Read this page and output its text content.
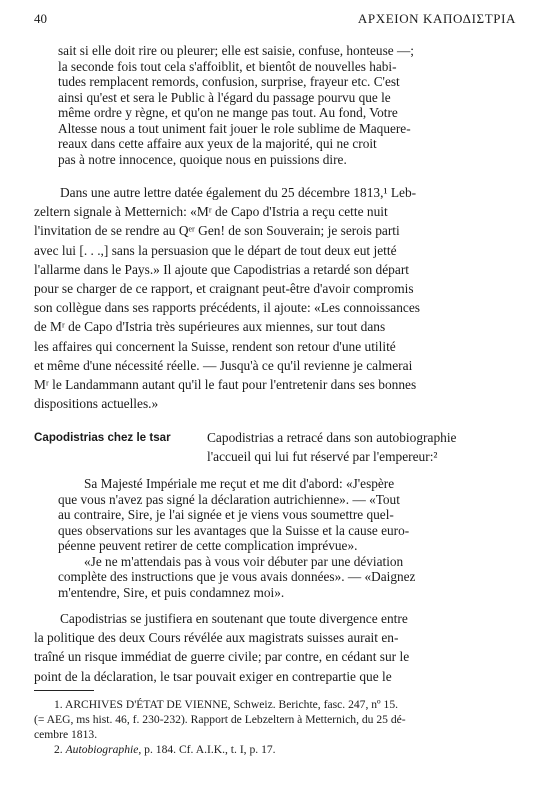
40	ΑΡΧΕΙΟΝ ΚΑΠΟΔΙΣΤΡΙΑ
sait si elle doit rire ou pleurer; elle est saisie, confuse, honteuse —;
la seconde fois tout cela s'affoiblit, et bientôt de nouvelles habi-
tudes remplacent remords, confusion, surprise, frayeur etc. C'est
ainsi qu'est et sera le Public à l'égard du passage pourvu que le
même ordre y règne, et qu'on ne mange pas tout. Au fond, Votre
Altesse nous a tout uniment fait jouer le role sublime de Maquere-
reaux dans cette affaire aux yeux de la majorité, qui ne croit
pas à notre innocence, quoique nous en puissions dire.
Dans une autre lettre datée également du 25 décembre 1813,¹ Leb-
zeltern signale à Metternich: «Mʳ de Capo d'Istria a reçu cette nuit
l'invitation de se rendre au Qᵉʳ Gen! de son Souverain; je serois parti
avec lui [. . .,] sans la persuasion que le départ de tout deux eut jetté
l'allarme dans le Pays.» Il ajoute que Capodistrias a retardé son départ
pour se charger de ce rapport, et craignant peut-être d'avoir compromis
son collègue dans ses rapports précédents, il ajoute: «Les connoissances
de Mʳ de Capo d'Istria très supérieures aux miennes, sur tout dans
les affaires qui concernent la Suisse, rendent son retour d'une utilité
et même d'une nécessité réelle. — Jusqu'à ce qu'il revienne je calmerai
Mʳ le Landammann autant qu'il le faut pour l'entretenir dans ses bonnes
dispositions actuelles.»
Capodistrias chez le tsar	Capodistrias a retracé dans son autobiographie
l'accueil qui lui fut réservé par l'empereur:²
Sa Majesté Impériale me reçut et me dit d'abord: «J'espère
que vous n'avez pas signé la déclaration autrichienne». — «Tout
au contraire, Sire, je l'ai signée et je viens vous soumettre quel-
ques observations sur les avantages que la Suisse et la cause euro-
péenne peuvent retirer de cette complication imprévue».
«Je ne m'attendais pas à vous voir débuter par une déviation
complète des instructions que je vous avais données». — «Daignez
m'entendre, Sire, et puis condamnez moi».
Capodistrias se justifiera en soutenant que toute divergence entre
la politique des deux Cours révélée aux magistrats suisses aurait en-
traîné un risque immédiat de guerre civile; par contre, en cédant sur le
point de la déclaration, le tsar pouvait exiger en contrepartie que le
1. ARCHIVES D'ÉTAT DE VIENNE, Schweiz. Berichte, fasc. 247, nº 15.
(= AEG, ms hist. 46, f. 230-232). Rapport de Lebzeltern à Metternich, du 25 dé-
cembre 1813.
2. Autobiographie, p. 184. Cf. A.I.K., t. I, p. 17.
